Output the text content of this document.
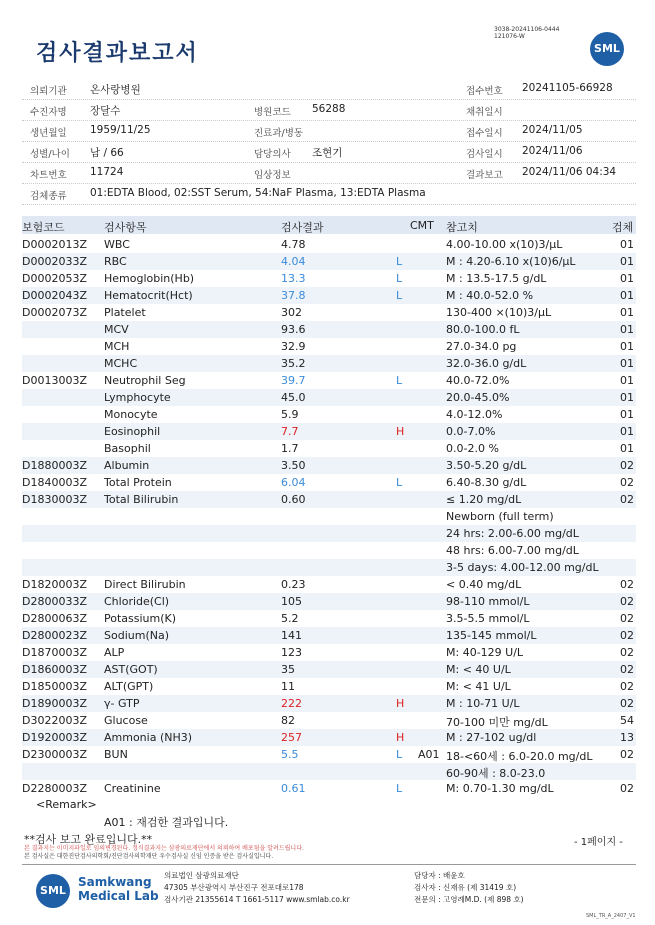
검사결과보고서
3038-20241106-0444
121076-W
SML
의뢰기관 온사랑병원	접수번호 20241105-66928
수진자명 장달수	병원코드 56288	채취일시
생년월일 1959/11/25	진료과/병동	접수일시 2024/11/05
성별/나이 남 / 66	담당의사 조현기	검사일시 2024/11/06
차트번호 11724	임상정보	결과보고 2024/11/06 04:34
검체종류 01:EDTA Blood, 02:SST Serum, 54:NaF Plasma, 13:EDTA Plasma
보험코드	검사항목	검사결과	CMT 참고치	검체
D0002013Z WBC	4.78	4.00-10.00 x(10)3/μL	01
D0002033Z RBC	4.04	L	M : 4.20-6.10 x(10)6/μL	01
D0002053Z Hemoglobin(Hb)	13.3	L	M : 13.5-17.5 g/dL	01
D0002043Z Hematocrit(Hct)	37.8	L	M : 40.0-52.0 %	01
D0002073Z Platelet	302	130-400 ×(10)3/μL	01
MCV	93.6	80.0-100.0 fL	01
MCH	32.9	27.0-34.0 pg	01
MCHC	35.2	32.0-36.0 g/dL	01
D0013003Z Neutrophil Seg	39.7	L	40.0-72.0%	01
Lymphocyte	45.0	20.0-45.0%	01
Monocyte	5.9	4.0-12.0%	01
Eosinophil	7.7	H	0.0-7.0%	01
Basophil	1.7	0.0-2.0 %	01
D1880003Z Albumin	3.50	3.50-5.20 g/dL	02
D1840003Z Total Protein	6.04	L	6.40-8.30 g/dL	02
D1830003Z Total Bilirubin	0.60	≤ 1.20 mg/dL	02
Newborn (full term)
24 hrs: 2.00-6.00 mg/dL
48 hrs: 6.00-7.00 mg/dL
3-5 days: 4.00-12.00 mg/dL
D1820003Z Direct Bilirubin	0.23	< 0.40 mg/dL	02
D2800033Z Chloride(Cl)	105	98-110 mmol/L	02
D2800063Z Potassium(K)	5.2	3.5-5.5 mmol/L	02
D2800023Z Sodium(Na)	141	135-145 mmol/L	02
D1870003Z ALP	123	M: 40-129 U/L	02
D1860003Z AST(GOT)	35	M: < 40 U/L	02
D1850003Z ALT(GPT)	11	M: < 41 U/L	02
D1890003Z γ- GTP	222	H	M : 10-71 U/L	02
D3022003Z Glucose	82	70-100 미만 mg/dL	54
D1920003Z Ammonia (NH3)	257	H	M : 27-102 ug/dl	13
D2300003Z BUN	5.5	L A01 18-<60세 : 6.0-20.0 mg/dL	02
60-90세 : 8.0-23.0
D2280003Z Creatinine	0.61	L	M: 0.70-1.30 mg/dL	02
<Remark>
A01 : 재검한 결과입니다.
**검사 보고 완료입니다.**	- 1페이지 -
본 결과지는 이미지파일로 임의변경된다. 정식결과지는 삼광의료재단에서 의뢰하여 배포됨을 알려드립니다.
본 검사실은 대한진단검사의학회/진단검사의학재단 우수검사실 신임 인증을 받은 검사실입니다.
SML
Samkwang
Medical Lab
의료법인 삼광의료재단
47305 부산광역시 부산진구 전포대로178
검사기관 21355614 T 1661-5117 www.smlab.co.kr
담당자 : 배윤호
검사자 : 신재유 (제 31419 호)
전문의 : 고영례M.D. (제 898 호)
SML_TR_A_2407_V1
